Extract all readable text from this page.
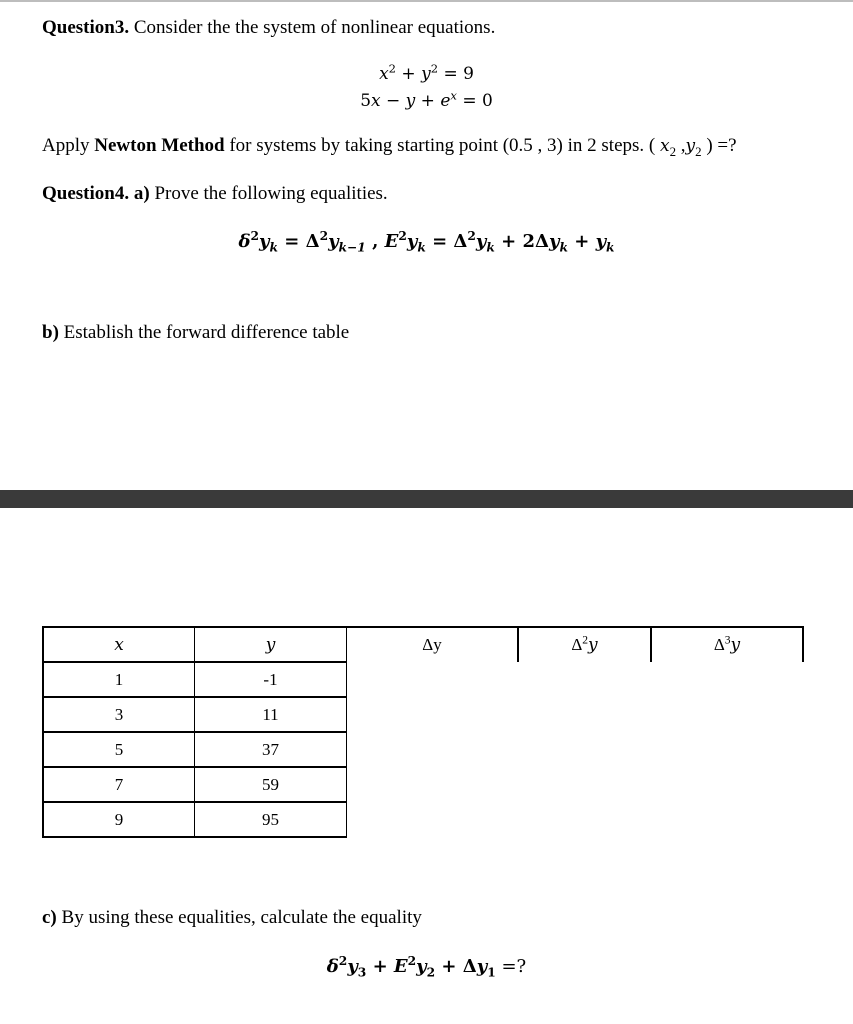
Question3. Consider the the system of nonlinear equations.
$x^2 + y^2 = 9$
$5x - y + e^x = 0$
Apply Newton Method for systems by taking starting point (0.5 , 3) in 2 steps. ( $x_2$ $,y_2$ ) =?
Question4. a) Prove the following equalities.
$\delta^2y_k = \Delta^2y_{k-1}$ , $E^2y_k = \Delta^2y_k + 2\Delta y_k + y_k$
b) Establish the forward difference table
x	y	Δy	$\Delta^2y$	$\Delta^3y$
1	-1			
3	11			
5	37			
7	59			
9	95			
c) By using these equalities, calculate the equality
$\delta^2y_3 + E^2y_2 + \Delta y_1$ =?
